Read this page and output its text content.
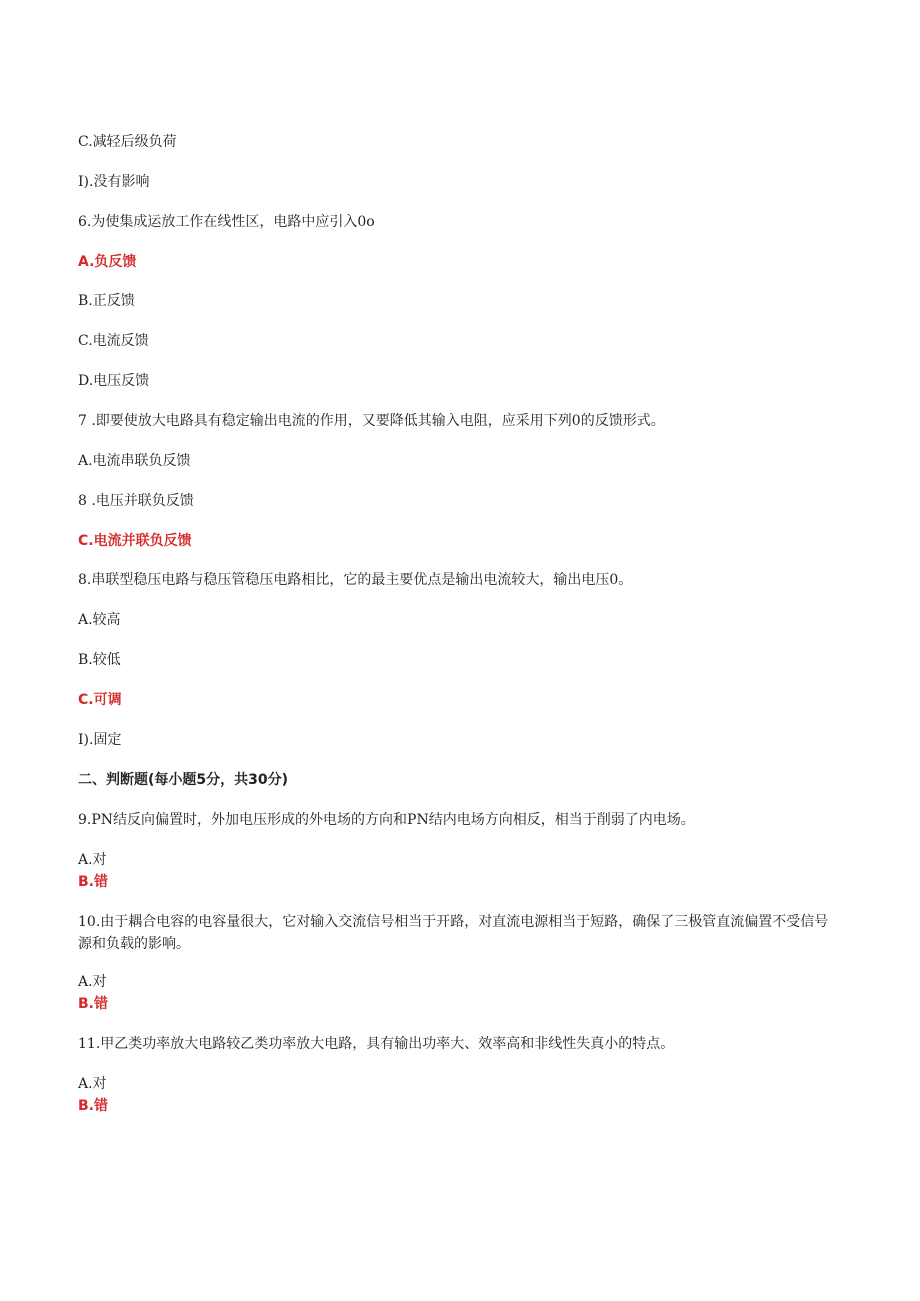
C.减轻后级负荷
I).没有影响
6.为使集成运放工作在线性区，电路中应引入0o
A.负反馈
B.正反馈
C.电流反馈
D.电压反馈
7 .即要使放大电路具有稳定输出电流的作用，又要降低其输入电阻，应采用下列0的反馈形式。
A.电流串联负反馈
8 .电压并联负反馈
C.电流并联负反馈
8.串联型稳压电路与稳压管稳压电路相比，它的最主要优点是输出电流较大，输出电压0。
A.较高
B.较低
C.可调
I).固定
二、判断题(每小题5分，共30分)
9.PN结反向偏置时，外加电压形成的外电场的方向和PN结内电场方向相反，相当于削弱了内电场。
A.对
B.错
10.由于耦合电容的电容量很大，它对输入交流信号相当于开路，对直流电源相当于短路，确保了三极管直流偏置不受信号源和负载的影响。
A.对
B.错
11.甲乙类功率放大电路较乙类功率放大电路，具有输出功率大、效率高和非线性失真小的特点。
A.对
B.错
